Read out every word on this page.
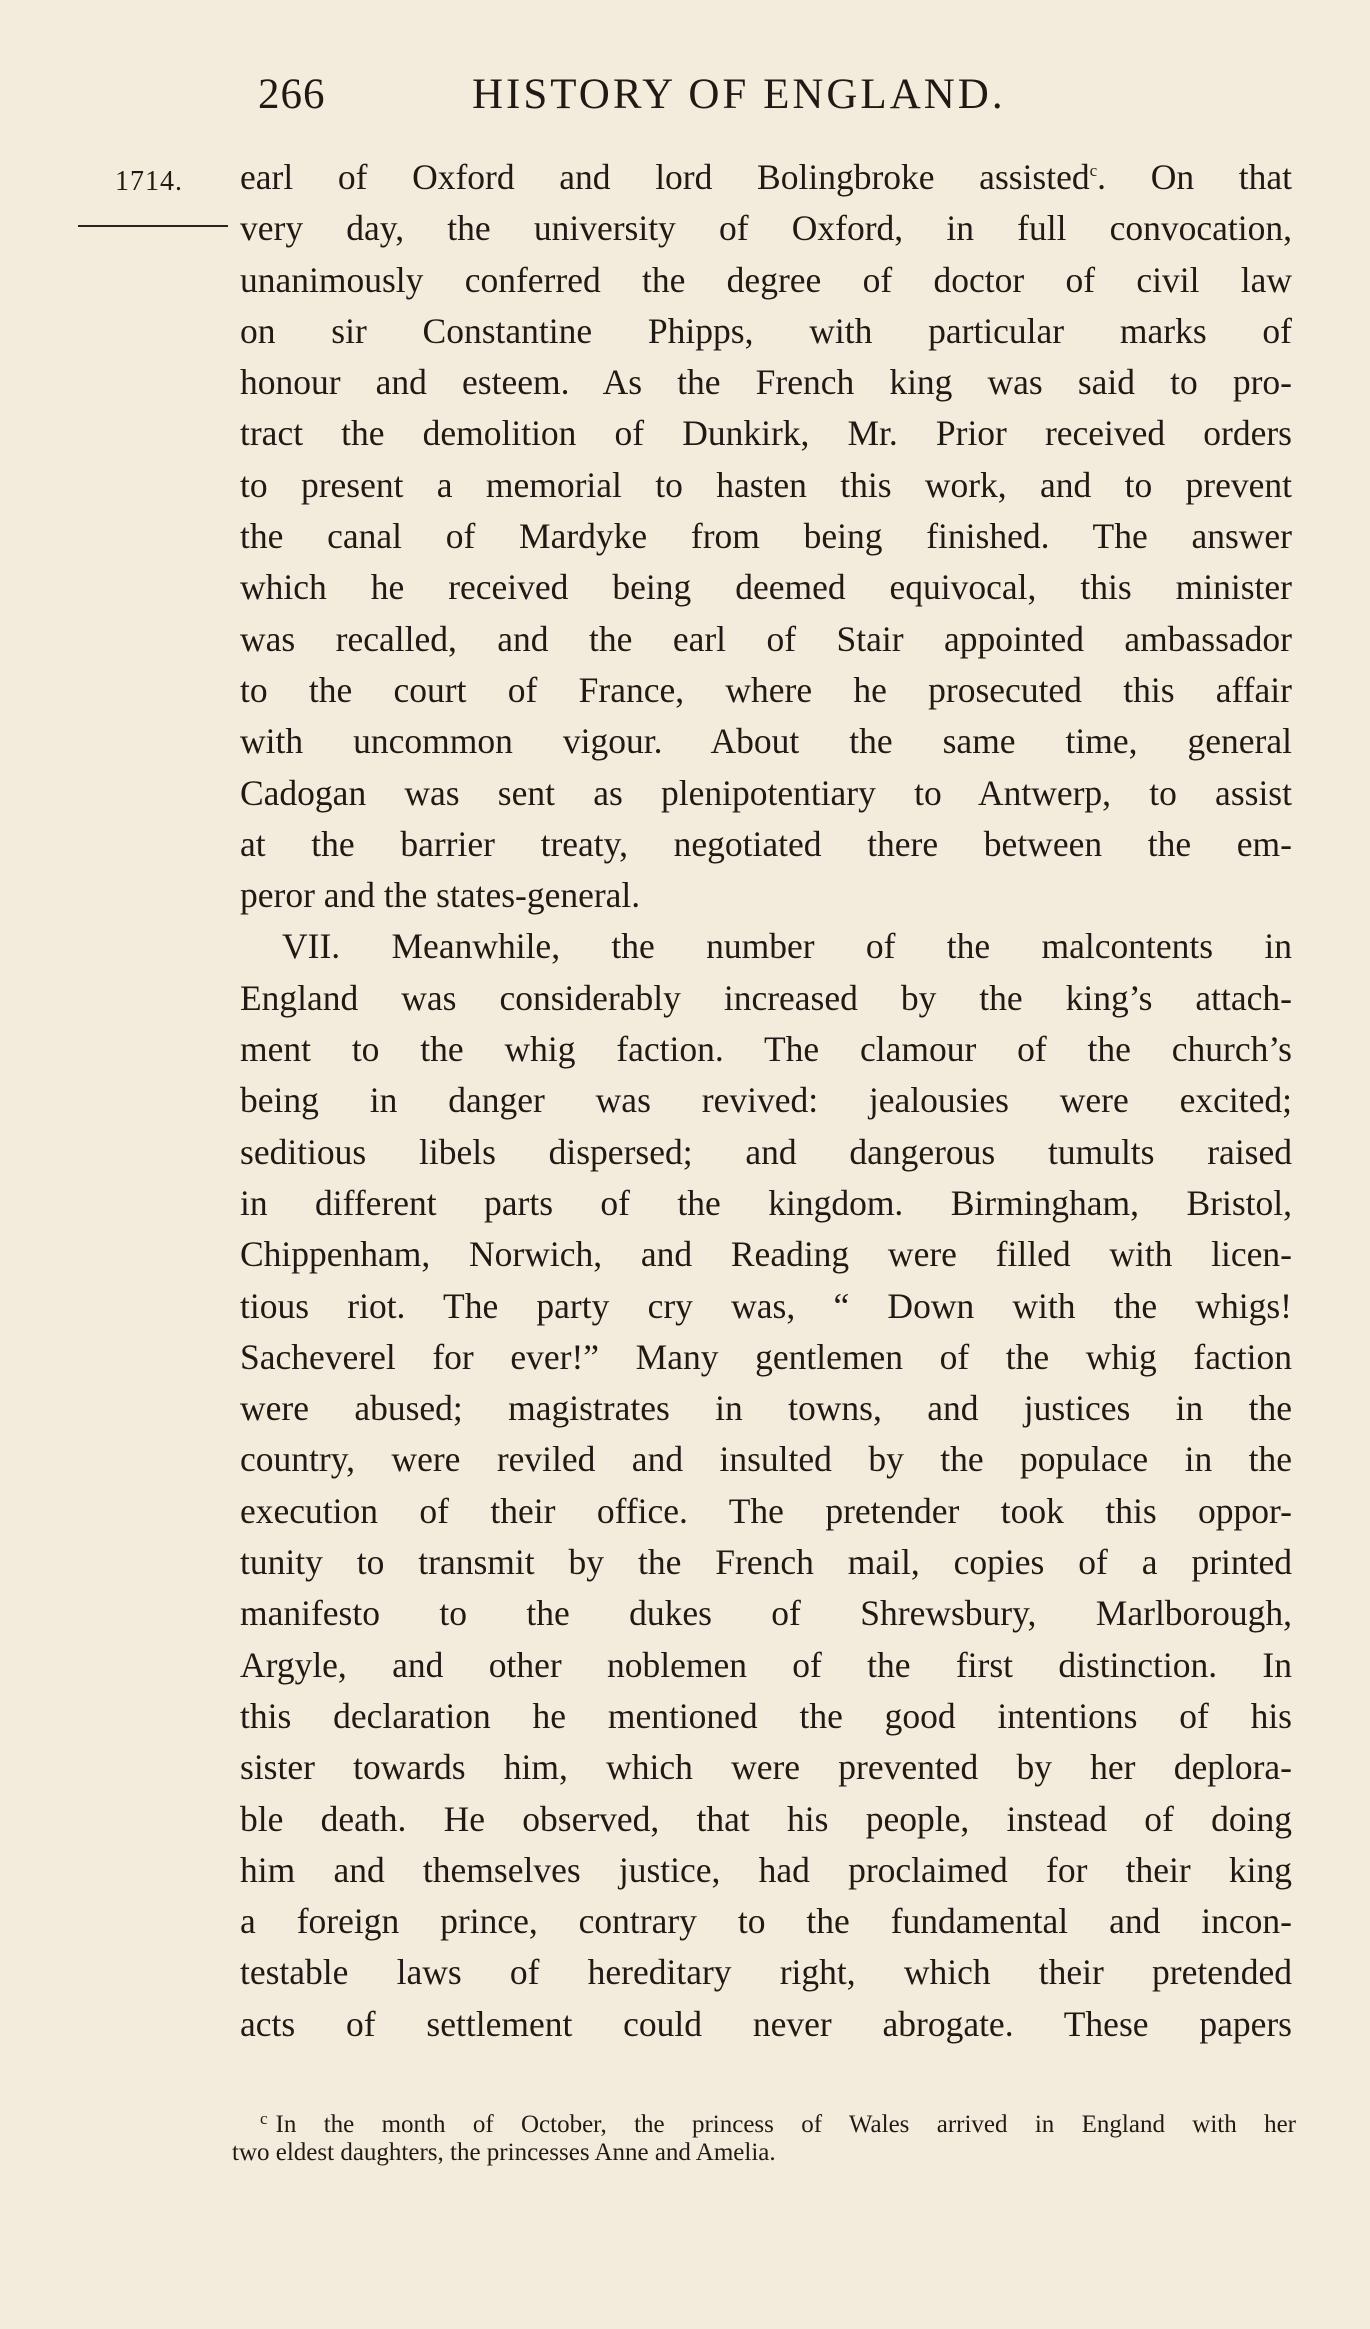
266	HISTORY OF ENGLAND.
1714. earl of Oxford and lord Bolingbroke assisted$^c$. On that
very day, the university of Oxford, in full convocation,
unanimously conferred the degree of doctor of civil law
on sir Constantine Phipps, with particular marks of
honour and esteem. As the French king was said to pro-
tract the demolition of Dunkirk, Mr. Prior received orders
to present a memorial to hasten this work, and to prevent
the canal of Mardyke from being finished. The answer
which he received being deemed equivocal, this minister
was recalled, and the earl of Stair appointed ambassador
to the court of France, where he prosecuted this affair
with uncommon vigour. About the same time, general
Cadogan was sent as plenipotentiary to Antwerp, to assist
at the barrier treaty, negotiated there between the em-
peror and the states-general.
VII. Meanwhile, the number of the malcontents in
England was considerably increased by the king’s attach-
ment to the whig faction. The clamour of the church’s
being in danger was revived: jealousies were excited;
seditious libels dispersed; and dangerous tumults raised
in different parts of the kingdom. Birmingham, Bristol,
Chippenham, Norwich, and Reading were filled with licen-
tious riot. The party cry was, “ Down with the whigs!
Sacheverel for ever!” Many gentlemen of the whig faction
were abused; magistrates in towns, and justices in the
country, were reviled and insulted by the populace in the
execution of their office. The pretender took this oppor-
tunity to transmit by the French mail, copies of a printed
manifesto to the dukes of Shrewsbury, Marlborough,
Argyle, and other noblemen of the first distinction. In
this declaration he mentioned the good intentions of his
sister towards him, which were prevented by her deplora-
ble death. He observed, that his people, instead of doing
him and themselves justice, had proclaimed for their king
a foreign prince, contrary to the fundamental and incon-
testable laws of hereditary right, which their pretended
acts of settlement could never abrogate. These papers
$^c$ In the month of October, the princess of Wales arrived in England with her
two eldest daughters, the princesses Anne and Amelia.
